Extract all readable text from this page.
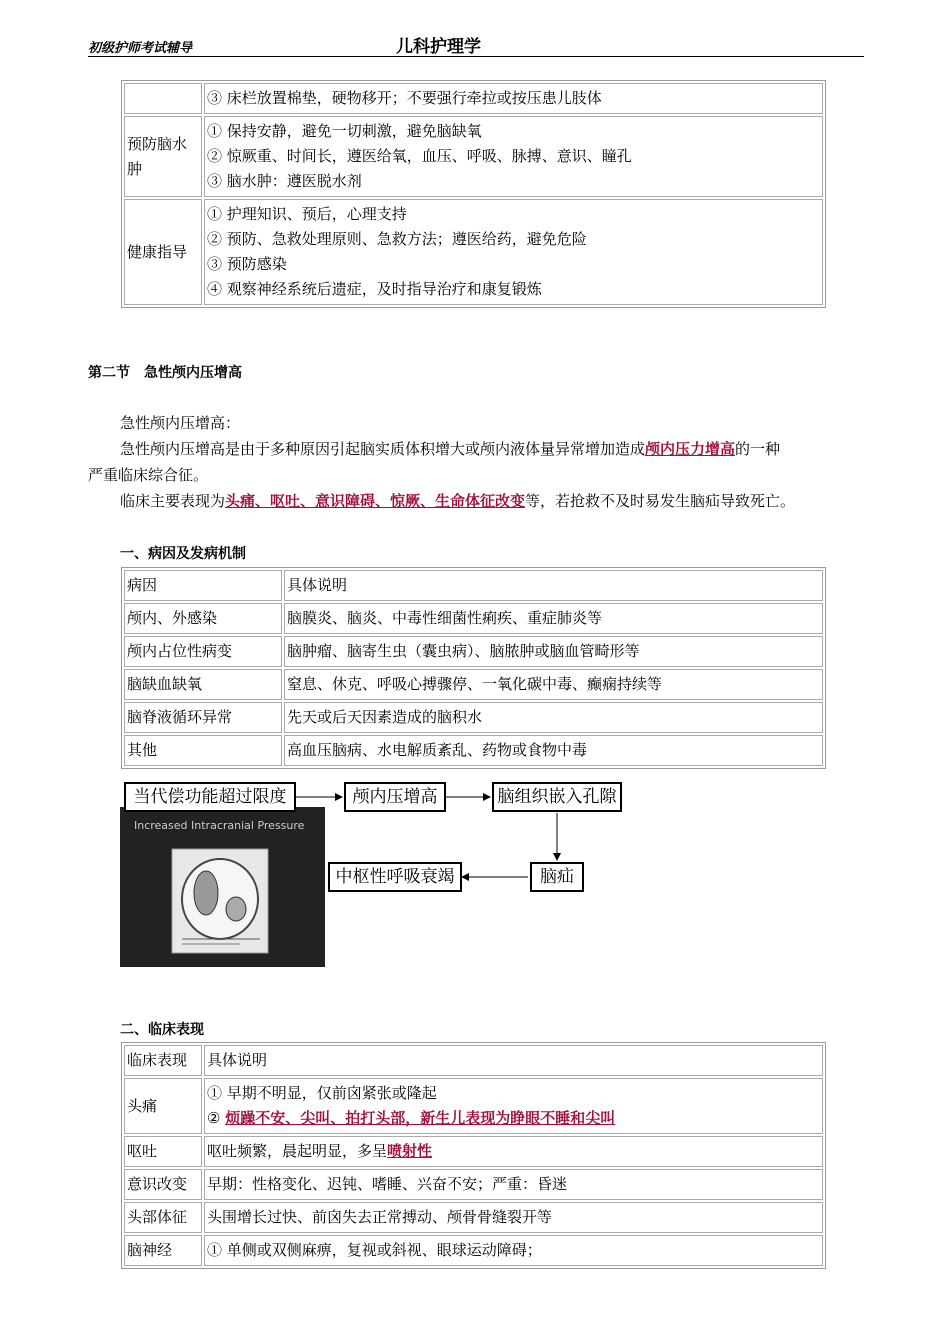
初级护师考试辅导	儿科护理学

	③ 床栏放置棉垫，硬物移开；不要强行牵拉或按压患儿肢体

预防脑水肿	① 保持安静，避免一切刺激，避免脑缺氧
② 惊厥重、时间长，遵医给氧，血压、呼吸、脉搏、意识、瞳孔
③ 脑水肿：遵医脱水剂

健康指导	① 护理知识、预后，心理支持
② 预防、急救处理原则、急救方法；遵医给药，避免危险
③ 预防感染
④ 观察神经系统后遗症，及时指导治疗和康复锻炼
第二节　急性颅内压增高
急性颅内压增高：
急性颅内压增高是由于多种原因引起脑实质体积增大或颅内液体量异常增加造成颅内压力增高的一种
严重临床综合征。
临床主要表现为头痛、呕吐、意识障碍、惊厥、生命体征改变等，若抢救不及时易发生脑疝导致死亡。
一、病因及发病机制
病因	具体说明
颅内、外感染	脑膜炎、脑炎、中毒性细菌性痢疾、重症肺炎等
颅内占位性病变	脑肿瘤、脑寄生虫（囊虫病）、脑脓肿或脑血管畸形等
脑缺血缺氧	窒息、休克、呼吸心搏骤停、一氧化碳中毒、癫痫持续等
脑脊液循环异常	先天或后天因素造成的脑积水
其他	高血压脑病、水电解质紊乱、药物或食物中毒
Increased Intracranial Pressure
当代偿功能超过限度	颅内压增高	脑组织嵌入孔隙
脑疝
中枢性呼吸衰竭
二、临床表现
临床表现	具体说明
头痛	① 早期不明显，仅前囟紧张或隆起
② 烦躁不安、尖叫、拍打头部，新生儿表现为睁眼不睡和尖叫

呕吐	呕吐频繁，晨起明显，多呈喷射性
意识改变	早期：性格变化、迟钝、嗜睡、兴奋不安；严重：昏迷
头部体征	头围增长过快、前囟失去正常搏动、颅骨骨缝裂开等
脑神经	① 单侧或双侧麻痹，复视或斜视、眼球运动障碍；
